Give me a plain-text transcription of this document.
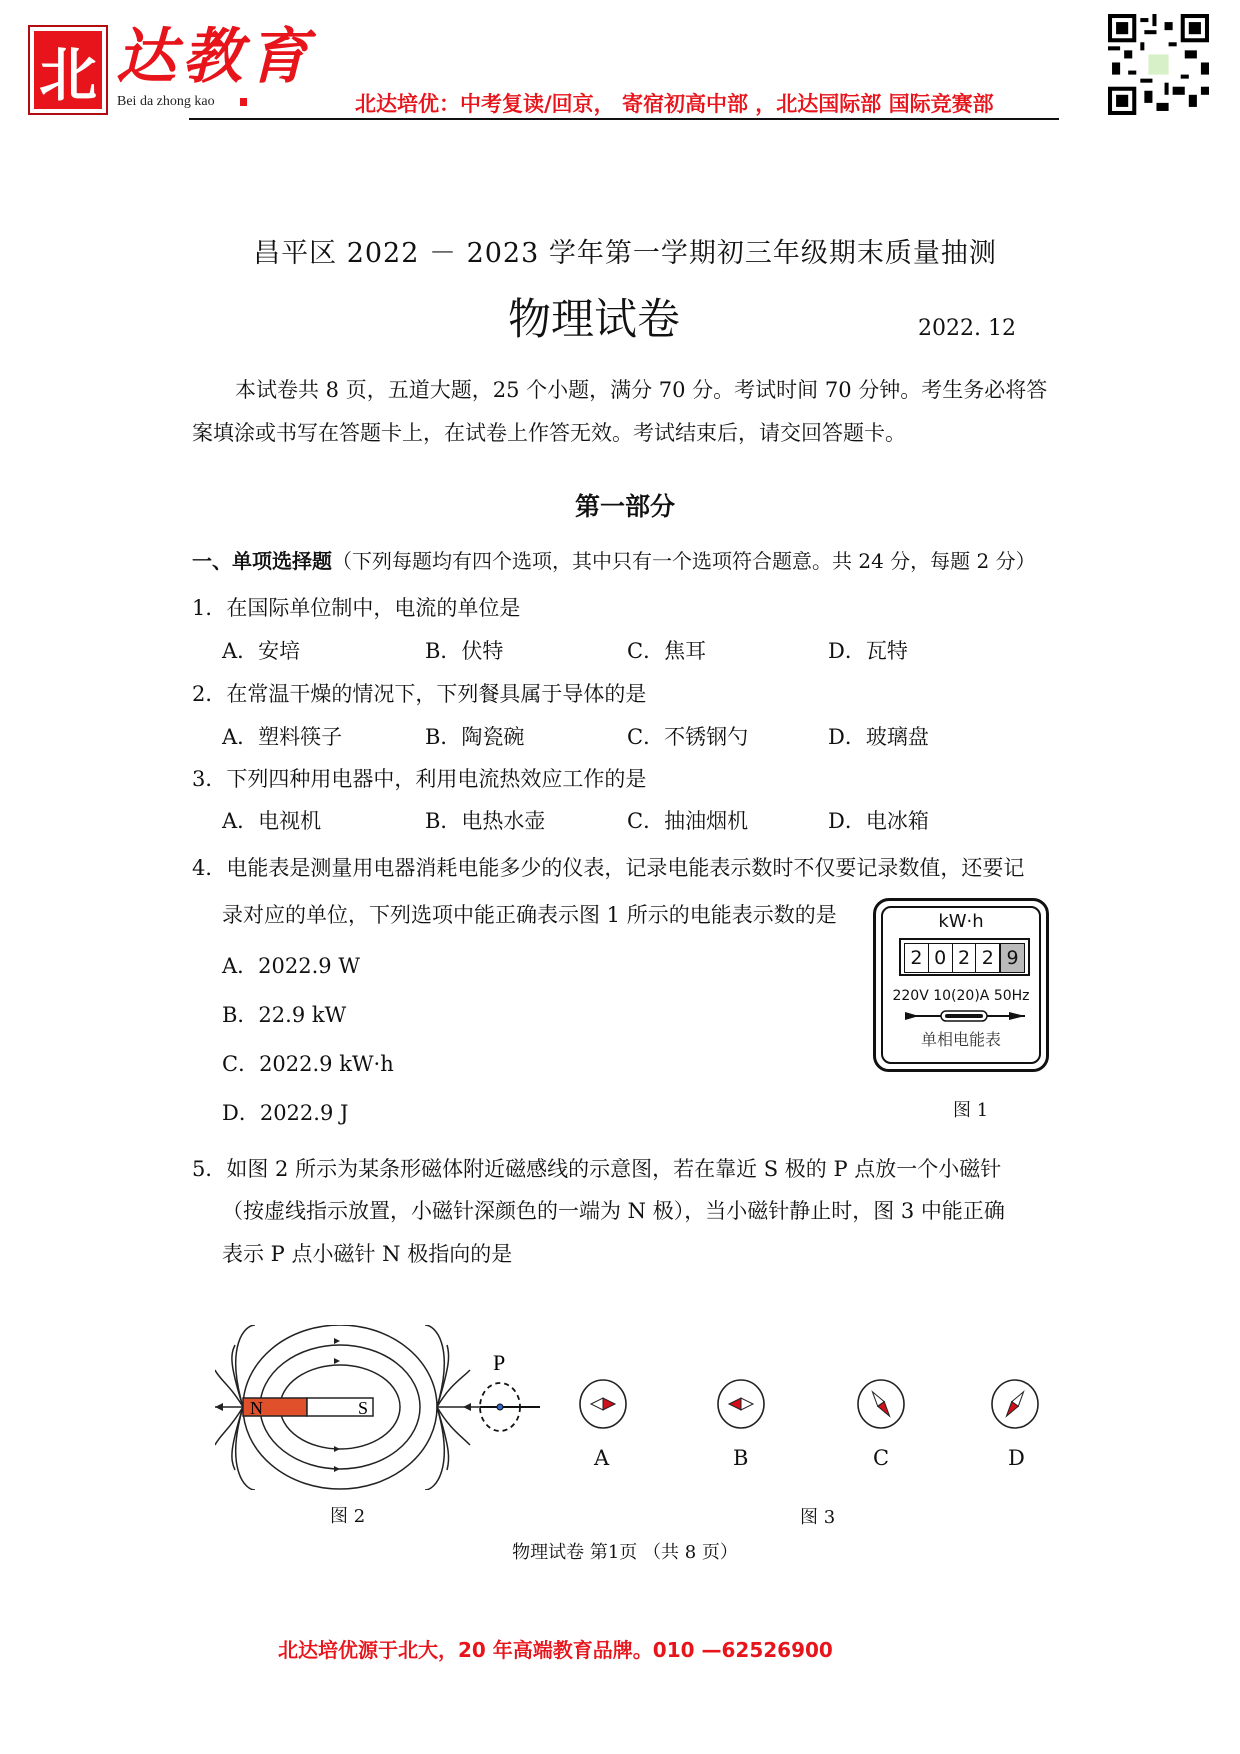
北 达教育
Bei da zhong kao	北达培优：中考复读/回京， 寄宿初高中部 ，北达国际部 国际竞赛部
昌平区 2022 － 2023 学年第一学期初三年级期末质量抽测
物理试卷	2022. 12
本试卷共 8 页，五道大题，25 个小题，满分 70 分。考试时间 70 分钟。考生务必将答
案填涂或书写在答题卡上，在试卷上作答无效。考试结束后，请交回答题卡。
第一部分
一、单项选择题（下列每题均有四个选项，其中只有一个选项符合题意。共 24 分，每题 2 分）
1．在国际单位制中，电流的单位是
A．安培	B．伏特	C．焦耳	D．瓦特
2．在常温干燥的情况下，下列餐具属于导体的是
A．塑料筷子	B．陶瓷碗	C．不锈钢勺	D．玻璃盘
3．下列四种用电器中，利用电流热效应工作的是
A．电视机	B．电热水壶	C．抽油烟机	D．电冰箱
4．电能表是测量用电器消耗电能多少的仪表，记录电能表示数时不仅要记录数值，还要记
录对应的单位，下列选项中能正确表示图 1 所示的电能表示数的是
A．2022.9 W
B．22.9 kW
C．2022.9 kW·h
D．2022.9 J
kW·h
2 0 2 2 9
220V 10(20)A 50Hz
单相电能表
图 1
5．如图 2 所示为某条形磁体附近磁感线的示意图，若在靠近 S 极的 P 点放一个小磁针
（按虚线指示放置，小磁针深颜色的一端为 N 极），当小磁针静止时，图 3 中能正确
表示 P 点小磁针 N 极指向的是
N	S
P
图 2
A	B	C	D
图 3
物理试卷 第1页 （共 8 页）
北达培优源于北大，20 年高端教育品牌。010 —62526900
